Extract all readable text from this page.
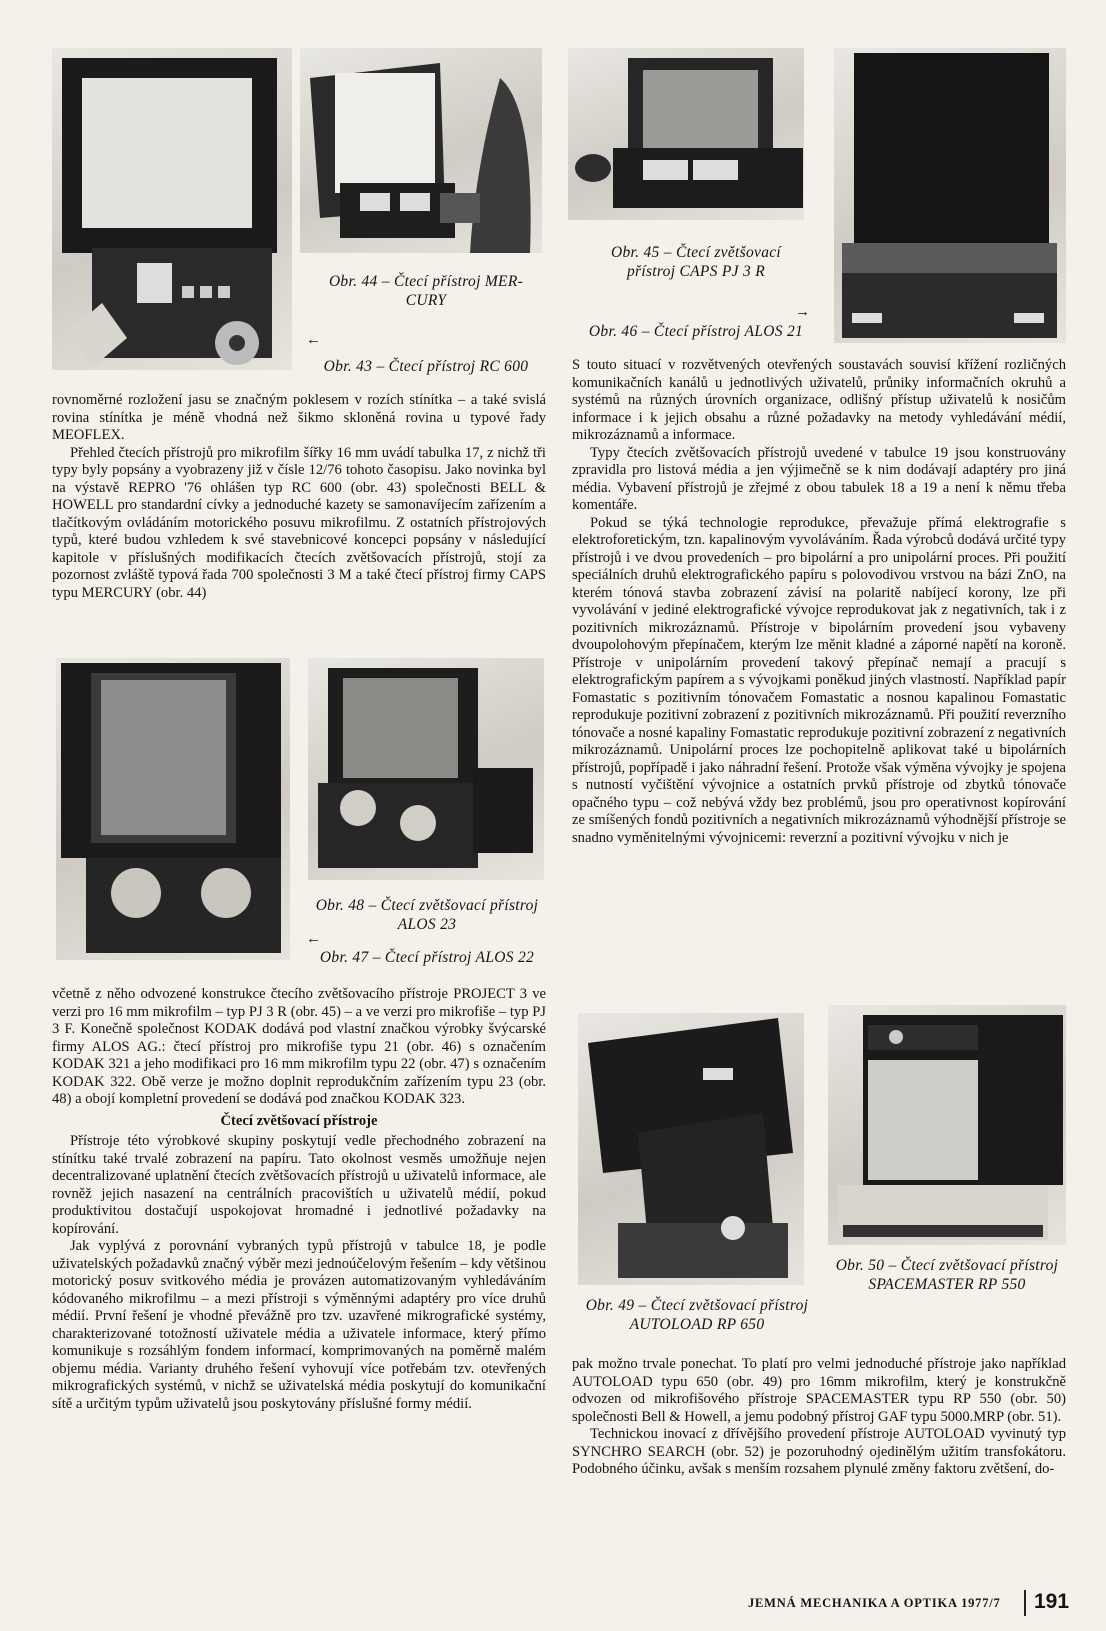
Obr. 44 – Čtecí přístroj MER-
CURY
←
Obr. 43 – Čtecí přístroj RC 600
Obr. 45 – Čtecí zvětšovací
přístroj CAPS PJ 3 R
→
Obr. 46 – Čtecí přístroj ALOS 21

rovnoměrné rozložení jasu se značným poklesem v rozích stínítka – a také svislá rovina stínítka je méně vhodná než šikmo skloněná rovina u typové řady MEOFLEX.

Přehled čtecích přístrojů pro mikrofilm šířky 16 mm uvádí tabulka 17, z nichž tři typy byly popsány a vyobrazeny již v čísle 12/76 tohoto časopisu. Jako novinka byl na výstavě REPRO '76 ohlášen typ RC 600 (obr. 43) společnosti BELL & HOWELL pro standardní cívky a jednoduché kazety se samonavíjecím zařízením a tlačítkovým ovládáním motorického posuvu mikrofilmu. Z ostatních přístrojových typů, které budou vzhledem k své stavebnicové koncepci popsány v následující kapitole v příslušných modifikacích čtecích zvětšovacích přístrojů, stojí za pozornost zvláště typová řada 700 společnosti 3 M a také čtecí přístroj firmy CAPS typu MERCURY (obr. 44)

Obr. 48 – Čtecí zvětšovací přístroj
ALOS 23
←
Obr. 47 – Čtecí přístroj ALOS 22

včetně z něho odvozené konstrukce čtecího zvětšovacího přístroje PROJECT 3 ve verzi pro 16 mm mikrofilm – typ PJ 3 R (obr. 45) – a ve verzi pro mikrofiše – typ PJ 3 F. Konečně společnost KODAK dodává pod vlastní značkou výrobky švýcarské firmy ALOS AG.: čtecí přístroj pro mikrofiše typu 21 (obr. 46) s označením KODAK 321 a jeho modifikaci pro 16 mm mikrofilm typu 22 (obr. 47) s označením KODAK 322. Obě verze je možno doplnit reprodukčním zařízením typu 23 (obr. 48) a obojí kompletní provedení se dodává pod značkou KODAK 323.

Čtecí zvětšovací přístroje

Přístroje této výrobkové skupiny poskytují vedle přechodného zobrazení na stínítku také trvalé zobrazení na papíru. Tato okolnost vesměs umožňuje nejen decentralizované uplatnění čtecích zvětšovacích přístrojů u uživatelů informace, ale rovněž jejich nasazení na centrálních pracovištích u uživatelů médií, pokud produktivitou dostačují uspokojovat hromadné i jednotlivé požadavky na kopírování.

Jak vyplývá z porovnání vybraných typů přístrojů v tabulce 18, je podle uživatelských požadavků značný výběr mezi jednoúčelovým řešením – kdy většinou motorický posuv svitkového média je provázen automatizovaným vyhledáváním kódovaného mikrofilmu – a mezi přístroji s výměnnými adaptéry pro více druhů médií. První řešení je vhodné převážně pro tzv. uzavřené mikrografické systémy, charakterizované totožností uživatele média a uživatele informace, který přímo komunikuje s rozsáhlým fondem informací, komprimovaných na poměrně malém objemu média. Varianty druhého řešení vyhovují více potřebám tzv. otevřených mikrografických systémů, v nichž se uživatelská média poskytují do komunikační sítě a určitým typům uživatelů jsou poskytovány příslušné formy médií.

S touto situací v rozvětvených otevřených soustavách souvisí křížení rozličných komunikačních kanálů u jednotlivých uživatelů, průniky informačních okruhů a systémů na různých úrovních organizace, odlišný přístup uživatelů k nosičům informace i k jejich obsahu a různé požadavky na metody vyhledávání médií, mikrozáznamů a informace.

Typy čtecích zvětšovacích přístrojů uvedené v tabulce 19 jsou konstruovány zpravidla pro listová média a jen výjimečně se k nim dodávají adaptéry pro jiná média. Vybavení přístrojů je zřejmé z obou tabulek 18 a 19 a není k němu třeba komentáře.

Pokud se týká technologie reprodukce, převažuje přímá elektrografie s elektroforetickým, tzn. kapalinovým vyvoláváním. Řada výrobců dodává určité typy přístrojů i ve dvou provedeních – pro bipolární a pro unipolární proces. Při použití speciálních druhů elektrografického papíru s polovodivou vrstvou na bázi ZnO, na kterém tónová stavba zobrazení závisí na polaritě nabíjecí korony, lze při vyvolávání v jediné elektrografické vývojce reprodukovat jak z negativních, tak i z pozitivních mikrozáznamů. Přístroje v bipolárním provedení jsou vybaveny dvoupolohovým přepínačem, kterým lze měnit kladné a záporné napětí na koroně. Přístroje v unipolárním provedení takový přepínač nemají a pracují s elektrografickým papírem a s vývojkami poněkud jiných vlastností. Například papír Fomastatic s pozitivním tónovačem Fomastatic a nosnou kapalinou Fomastatic reprodukuje pozitivní zobrazení z pozitivních mikrozáznamů. Při použití reverzního tónovače a nosné kapaliny Fomastatic reprodukuje pozitivní zobrazení z negativních mikrozáznamů. Unipolární proces lze pochopitelně aplikovat také u bipolárních přístrojů, popřípadě i jako náhradní řešení. Protože však výměna vývojky je spojena s nutností vyčištění vývojnice a ostatních prvků přístroje od zbytků tónovače opačného typu – což nebývá vždy bez problémů, jsou pro operativnost kopírování ze smíšených fondů pozitivních a negativních mikrozáznamů výhodnější přístroje se snadno vyměnitelnými vývojnicemi: reverzní a pozitivní vývojku v nich je

Obr. 49 – Čtecí zvětšovací přístroj
AUTOLOAD RP 650
Obr. 50 – Čtecí zvětšovací přístroj
SPACEMASTER RP 550

pak možno trvale ponechat. To platí pro velmi jednoduché přístroje jako například AUTOLOAD typu 650 (obr. 49) pro 16mm mikrofilm, který je konstrukčně odvozen od mikrofišového přístroje SPACEMASTER typu RP 550 (obr. 50) společnosti Bell & Howell, a jemu podobný přístroj GAF typu 5000.MRP (obr. 51).

Technickou inovací z dřívějšího provedení přístroje AUTOLOAD vyvinutý typ SYNCHRO SEARCH (obr. 52) je pozoruhodný ojedinělým užitím transfokátoru. Podobného účinku, avšak s menším rozsahem plynulé změny faktoru zvětšení, do-

JEMNÁ MECHANIKA A OPTIKA 1977/7 191
